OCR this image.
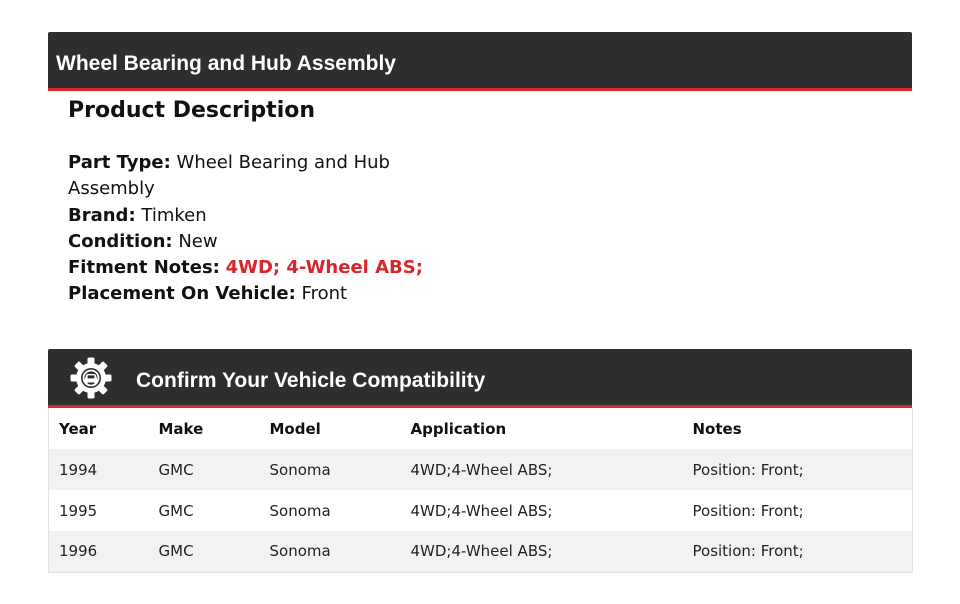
Wheel Bearing and Hub Assembly
Product Description
Part Type: Wheel Bearing and Hub Assembly
Brand: Timken
Condition: New
Fitment Notes: 4WD; 4-Wheel ABS;
Placement On Vehicle: Front
Confirm Your Vehicle Compatibility
Year	Make	Model	Application	Notes
1994	GMC	Sonoma	4WD;4-Wheel ABS;	Position: Front;
1995	GMC	Sonoma	4WD;4-Wheel ABS;	Position: Front;
1996	GMC	Sonoma	4WD;4-Wheel ABS;	Position: Front;
